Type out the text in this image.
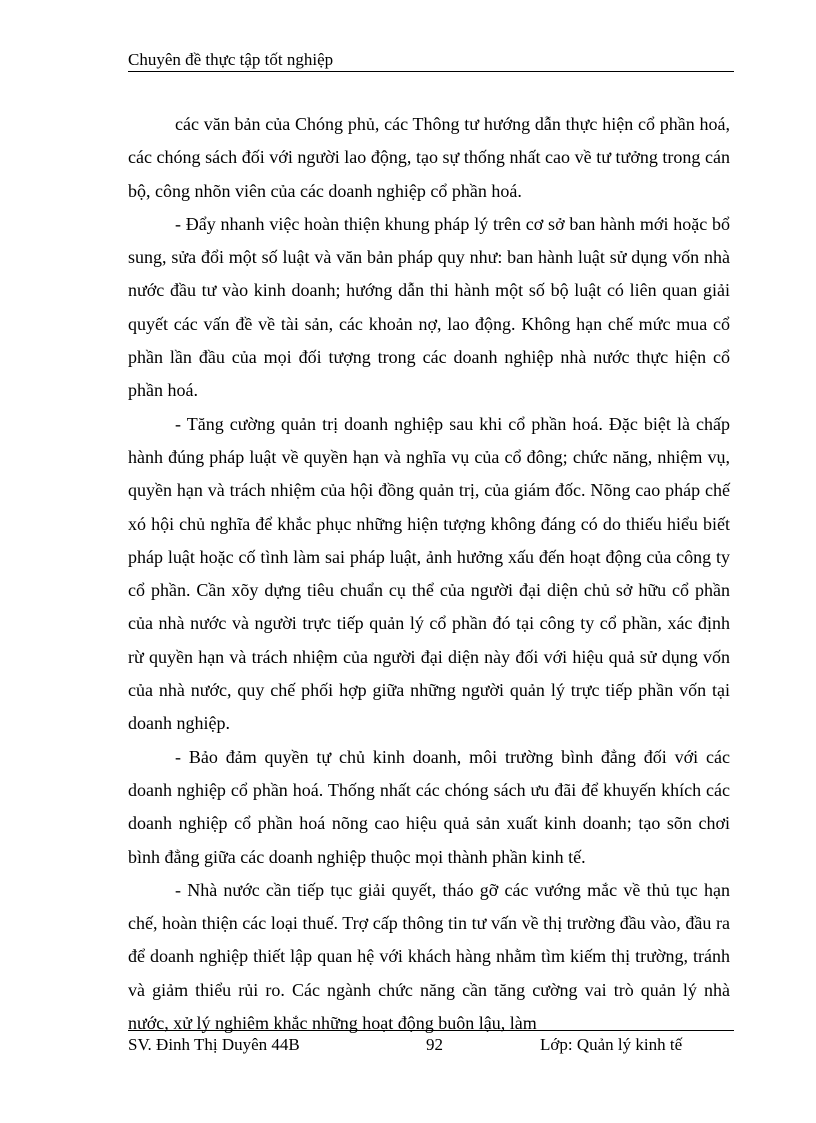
Chuyên đề thực tập tốt nghiệp

các văn bản của Chóng phủ, các Thông tư hướng dẫn thực hiện cổ phần hoá, các chóng sách đối với người lao động, tạo sự thống nhất cao về tư tưởng trong cán bộ, công nhõn viên của các doanh nghiệp cổ phần hoá.

- Đẩy nhanh việc hoàn thiện khung pháp lý trên cơ sở ban hành mới hoặc bổ sung, sửa đổi một số luật và văn bản pháp quy như: ban hành luật sử dụng vốn nhà nước đầu tư vào kinh doanh; hướng dẫn thi hành một số bộ luật có liên quan giải quyết các vấn đề về tài sản, các khoản nợ, lao động. Không hạn chế mức mua cổ phần lần đầu của mọi đối tượng trong các doanh nghiệp nhà nước thực hiện cổ phần hoá.

- Tăng cường quản trị doanh nghiệp sau khi cổ phần hoá. Đặc biệt là chấp hành đúng pháp luật về quyền hạn và nghĩa vụ của cổ đông; chức năng, nhiệm vụ, quyền hạn và trách nhiệm của hội đồng quản trị, của giám đốc. Nõng cao pháp chế xó hội chủ nghĩa để khắc phục những hiện tượng không đáng có do thiếu hiểu biết pháp luật hoặc cố tình làm sai pháp luật, ảnh hưởng xấu đến hoạt động của công ty cổ phần. Cần xõy dựng tiêu chuẩn cụ thể của người đại diện chủ sở hữu cổ phần của nhà nước và người trực tiếp quản lý cổ phần đó tại công ty cổ phần, xác định rừ quyền hạn và trách nhiệm của người đại diện này đối với hiệu quả sử dụng vốn của nhà nước, quy chế phối hợp giữa những người quản lý trực tiếp phần vốn tại doanh nghiệp.

- Bảo đảm quyền tự chủ kinh doanh, môi trường bình đẳng đối với các doanh nghiệp cổ phần hoá. Thống nhất các chóng sách ưu đãi để khuyến khích các doanh nghiệp cổ phần hoá nõng cao hiệu quả sản xuất kinh doanh; tạo sõn chơi bình đẳng giữa các doanh nghiệp thuộc mọi thành phần kinh tế.

- Nhà nước cần tiếp tục giải quyết, tháo gỡ các vướng mắc về thủ tục hạn chế, hoàn thiện các loại thuế. Trợ cấp thông tin tư vấn về thị trường đầu vào, đầu ra để doanh nghiệp thiết lập quan hệ với khách hàng nhằm tìm kiếm thị trường, tránh và giảm thiểu rủi ro. Các ngành chức năng cần tăng cường vai trò quản lý nhà nước, xử lý nghiêm khắc những hoạt động buôn lậu, làm

SV. Đinh Thị Duyên 44B	92	Lớp: Quản lý kinh tế
